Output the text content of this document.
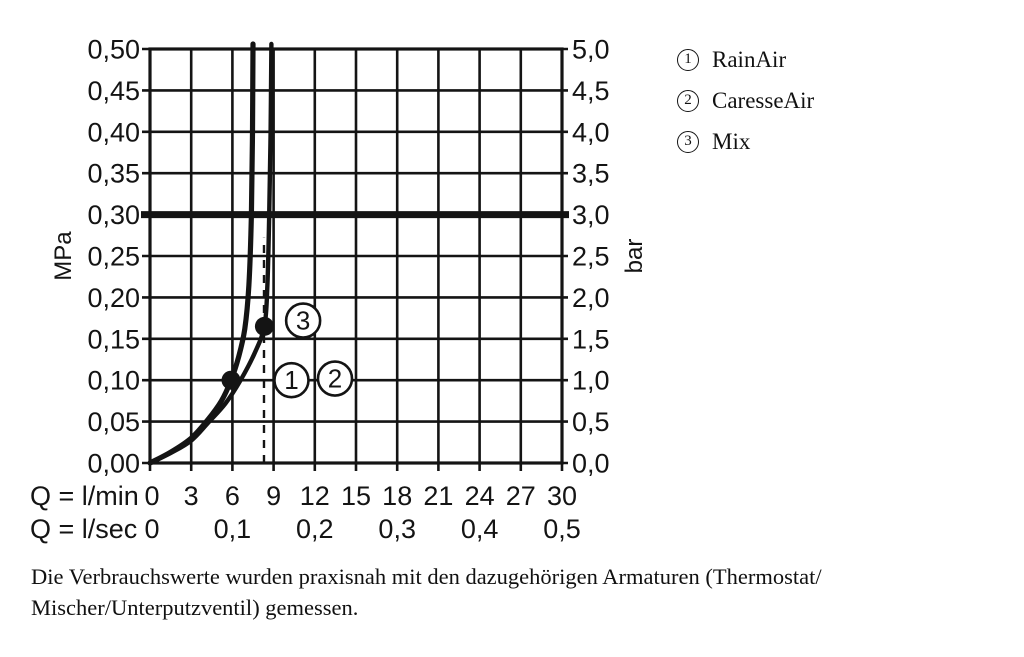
1 2
3
0,00
0,05
0,10
0,15
0,20
0,25
0,30
0,35
0,40
0,45
0,50
0,0
0,5
1,0
1,5
2,0
2,5
3,0
3,5
4,0
4,5
5,0
MPa	bar
Q = l/min 0 3 6 9 12 15 18 21 24 27 30
Q = l/sec 0 0,1 0,2 0,3 0,4 0,5
1 RainAir
2 CaresseAir
3 Mix
Die Verbrauchswerte wurden praxisnah mit den dazugehörigen Armaturen (Thermostat/
Mischer/Unterputzventil) gemessen.
